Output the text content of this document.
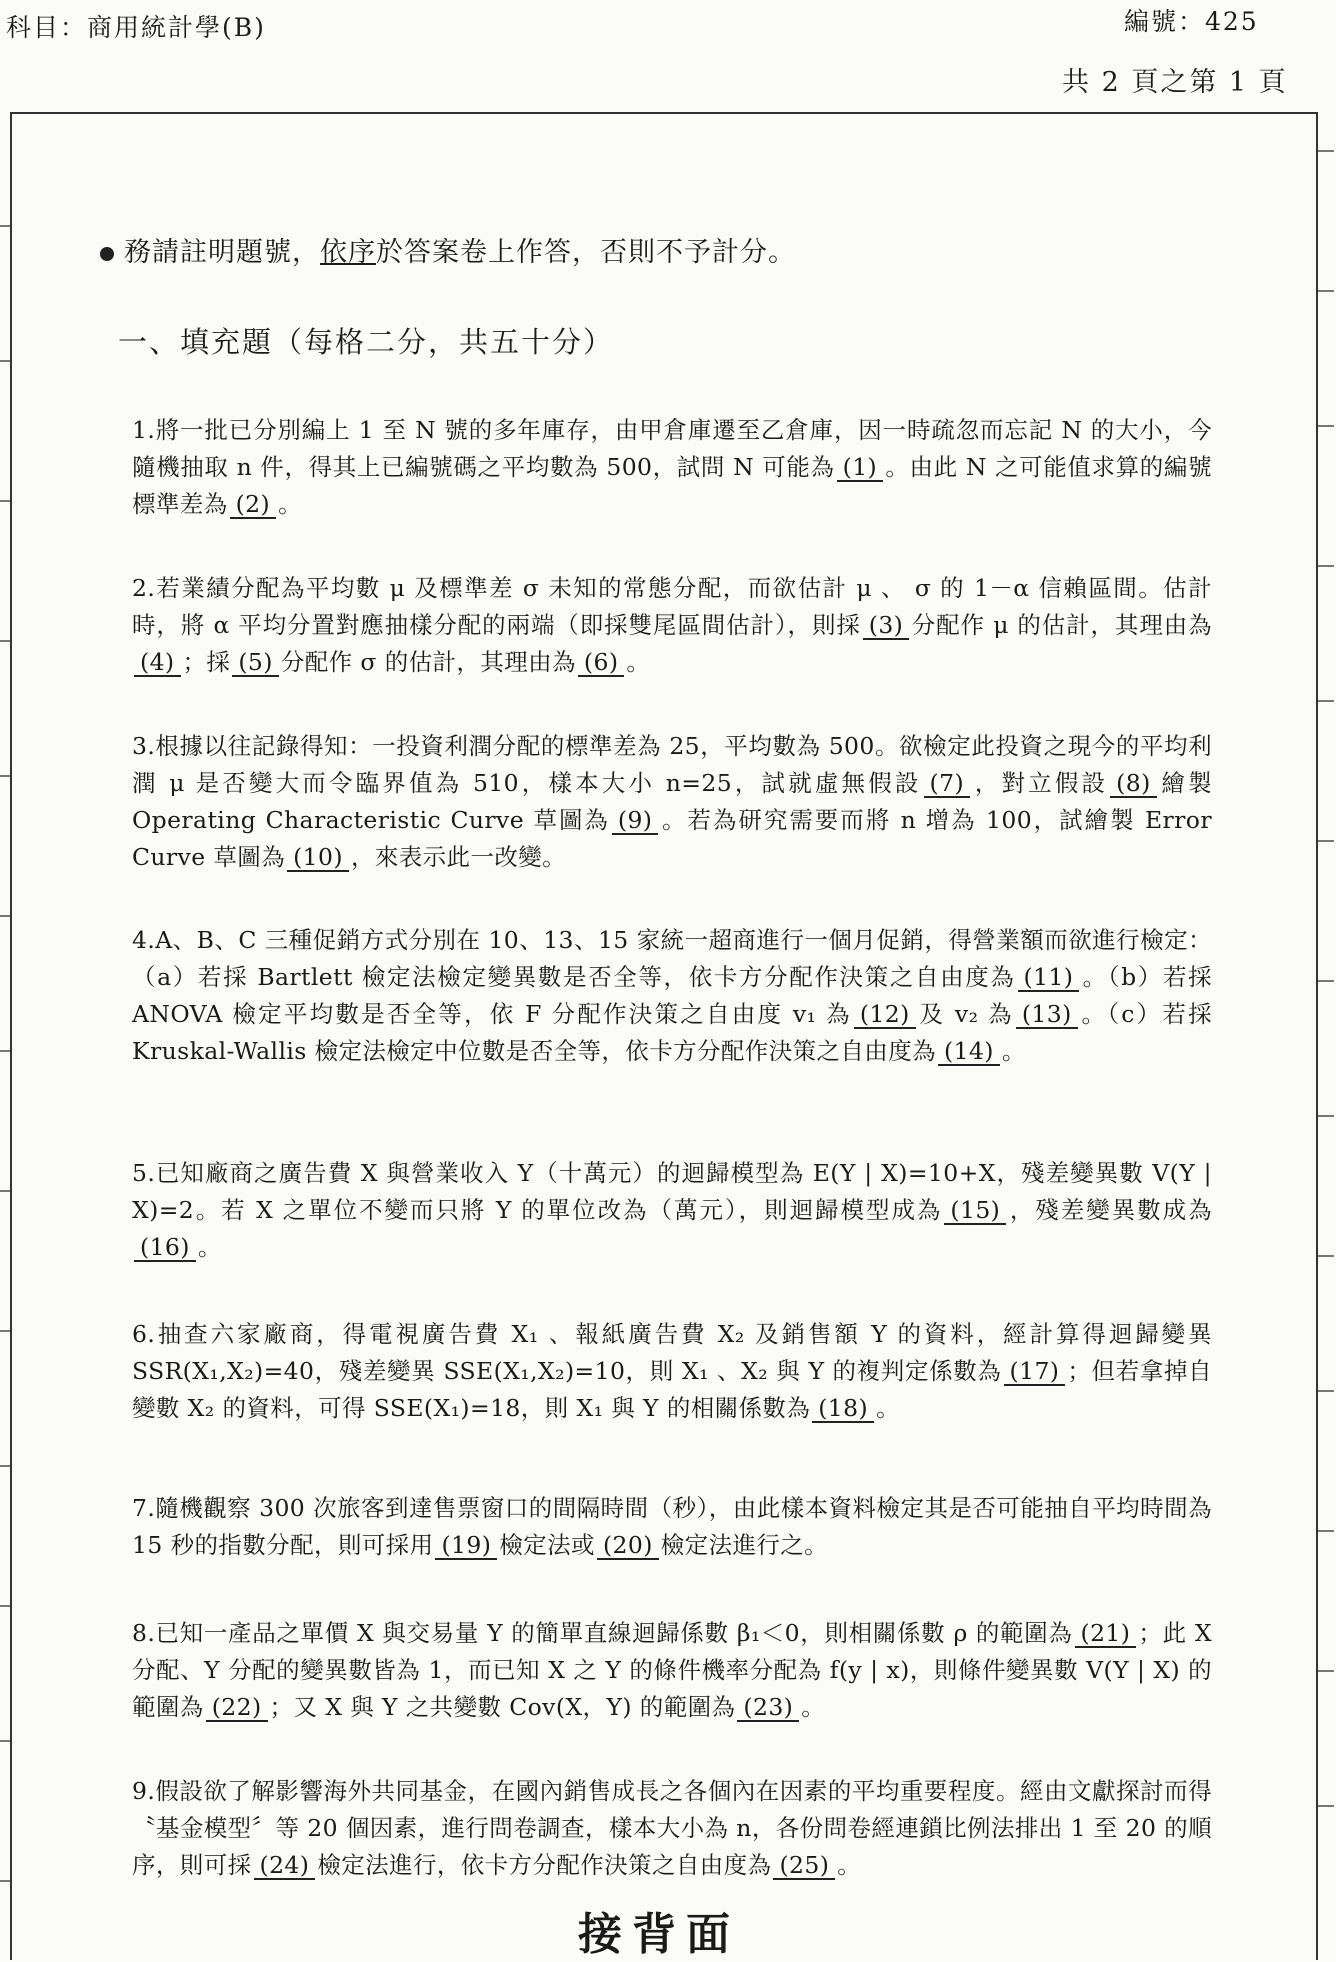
科目：商用統計學(B)	編號：425
共 2 頁之第 1 頁
務請註明題號，依序於答案卷上作答，否則不予計分。
一、填充題（每格二分，共五十分）

1.將一批已分別編上 1 至 N 號的多年庫存，由甲倉庫遷至乙倉庫，因一時疏忽而忘記 N 的大小，今隨機抽取 n 件，得其上已編號碼之平均數為 500，試問 N 可能為 (1) 。由此 N 之可能值求算的編號標準差為 (2) 。

2.若業績分配為平均數 μ 及標準差 σ 未知的常態分配，而欲估計 μ 、 σ 的 1－α 信賴區間。估計時，將 α 平均分置對應抽樣分配的兩端（即採雙尾區間估計），則採 (3) 分配作 μ 的估計，其理由為(4) ；採 (5) 分配作 σ 的估計，其理由為 (6) 。

3.根據以往記錄得知：一投資利潤分配的標準差為 25，平均數為 500。欲檢定此投資之現今的平均利潤 μ 是否變大而令臨界值為 510，樣本大小 n=25，試就虛無假設 (7) ，對立假設 (8) 繪製 Operating Characteristic Curve 草圖為 (9) 。若為研究需要而將 n 增為 100，試繪製 Error Curve 草圖為 (10) ，來表示此一改變。

4.A、B、C 三種促銷方式分別在 10、13、15 家統一超商進行一個月促銷，得營業額而欲進行檢定：（a）若採 Bartlett 檢定法檢定變異數是否全等，依卡方分配作決策之自由度為 (11) 。（b）若採 ANOVA 檢定平均數是否全等，依 F 分配作決策之自由度 v₁ 為 (12) 及 v₂ 為 (13) 。（c）若採 Kruskal-Wallis 檢定法檢定中位數是否全等，依卡方分配作決策之自由度為 (14) 。

5.已知廠商之廣告費 X 與營業收入 Y（十萬元）的迴歸模型為 E(Y | X)=10+X，殘差變異數 V(Y | X)=2。若 X 之單位不變而只將 Y 的單位改為（萬元），則迴歸模型成為 (15) ，殘差變異數成為(16) 。

6.抽查六家廠商，得電視廣告費 X₁ 、報紙廣告費 X₂ 及銷售額 Y 的資料，經計算得迴歸變異 SSR(X₁,X₂)=40，殘差變異 SSE(X₁,X₂)=10，則 X₁ 、X₂ 與 Y 的複判定係數為 (17) ；但若拿掉自變數 X₂ 的資料，可得 SSE(X₁)=18，則 X₁ 與 Y 的相關係數為 (18) 。

7.隨機觀察 300 次旅客到達售票窗口的間隔時間（秒），由此樣本資料檢定其是否可能抽自平均時間為 15 秒的指數分配，則可採用 (19) 檢定法或 (20) 檢定法進行之。

8.已知一產品之單價 X 與交易量 Y 的簡單直線迴歸係數 β₁＜0，則相關係數 ρ 的範圍為 (21) ；此 X 分配、Y 分配的變異數皆為 1，而已知 X 之 Y 的條件機率分配為 f(y | x)，則條件變異數 V(Y | X) 的範圍為 (22) ；又 X 與 Y 之共變數 Cov(X，Y) 的範圍為 (23) 。

9.假設欲了解影響海外共同基金，在國內銷售成長之各個內在因素的平均重要程度。經由文獻探討而得〝基金模型〞等 20 個因素，進行問卷調查，樣本大小為 n，各份問卷經連鎖比例法排出 1 至 20 的順序，則可採 (24) 檢定法進行，依卡方分配作決策之自由度為 (25) 。

接背面
